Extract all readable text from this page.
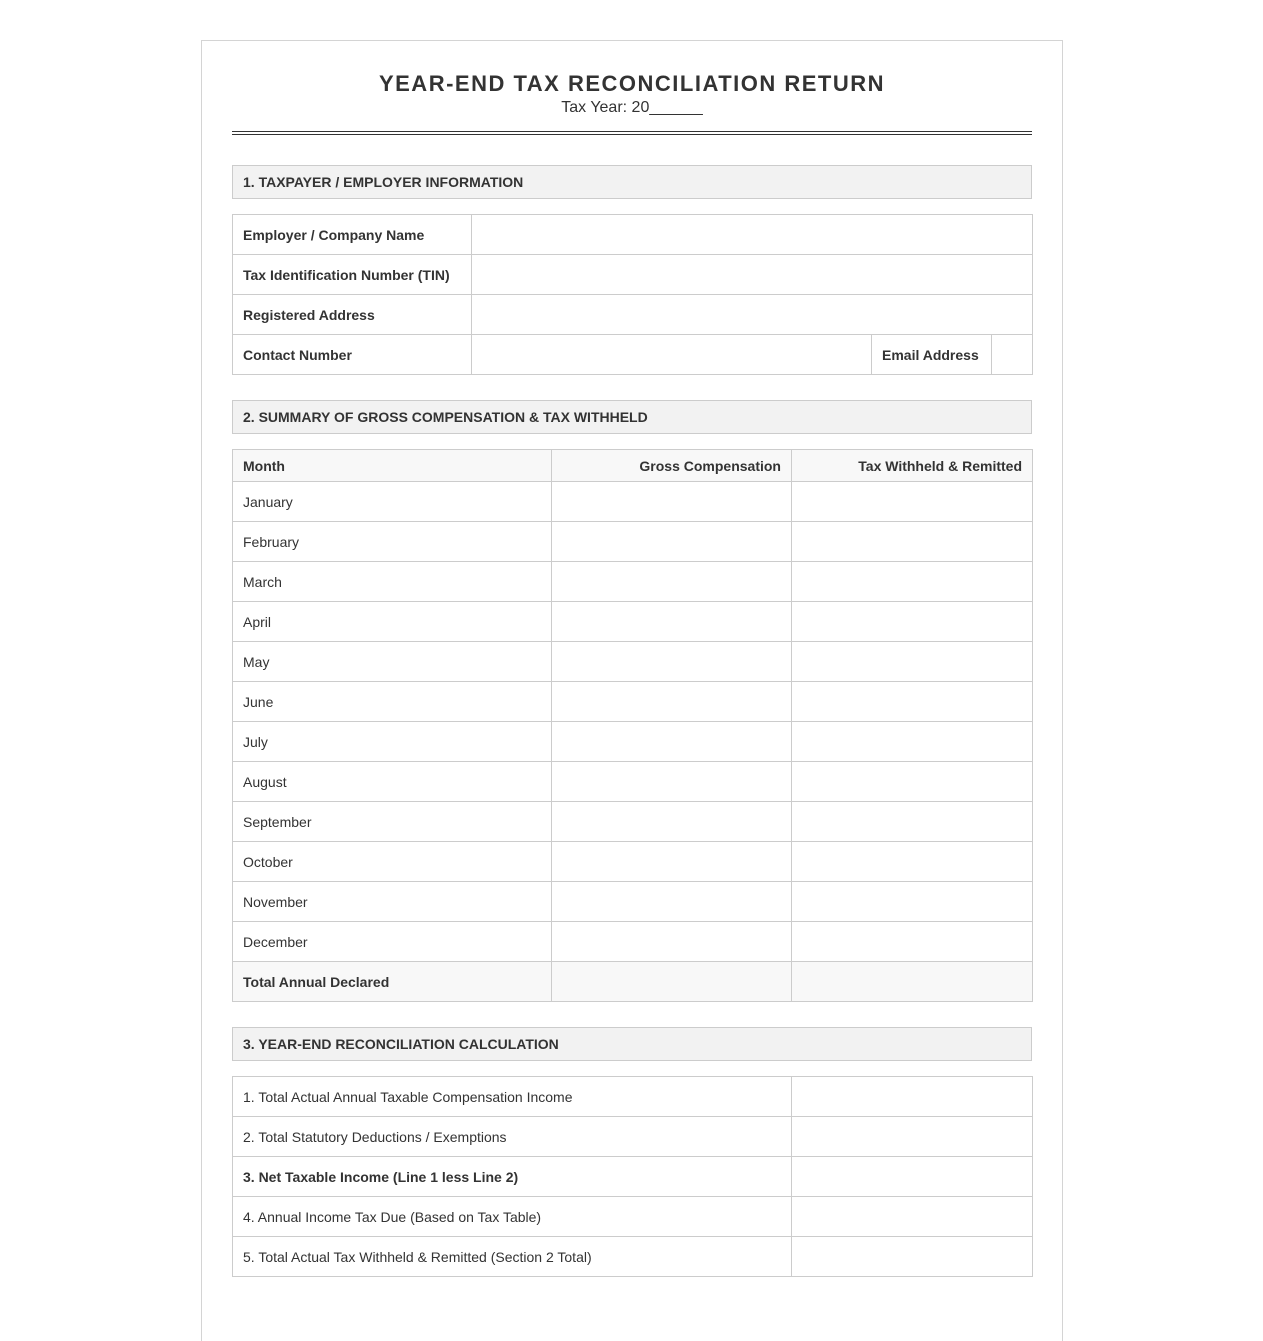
YEAR-END TAX RECONCILIATION RETURN
Tax Year: 20______
1. TAXPAYER / EMPLOYER INFORMATION
Employer / Company Name			
Tax Identification Number (TIN)			
Registered Address			
Contact Number		Email Address	
2. SUMMARY OF GROSS COMPENSATION & TAX WITHHELD
Month	Gross Compensation	Tax Withheld & Remitted
January		
February		
March		
April		
May		
June		
July		
August		
September		
October		
November		
December		
Total Annual Declared		
3. YEAR-END RECONCILIATION CALCULATION
1. Total Actual Annual Taxable Compensation Income	
2. Total Statutory Deductions / Exemptions	
3. Net Taxable Income (Line 1 less Line 2)	
4. Annual Income Tax Due (Based on Tax Table)	
5. Total Actual Tax Withheld & Remitted (Section 2 Total)	
